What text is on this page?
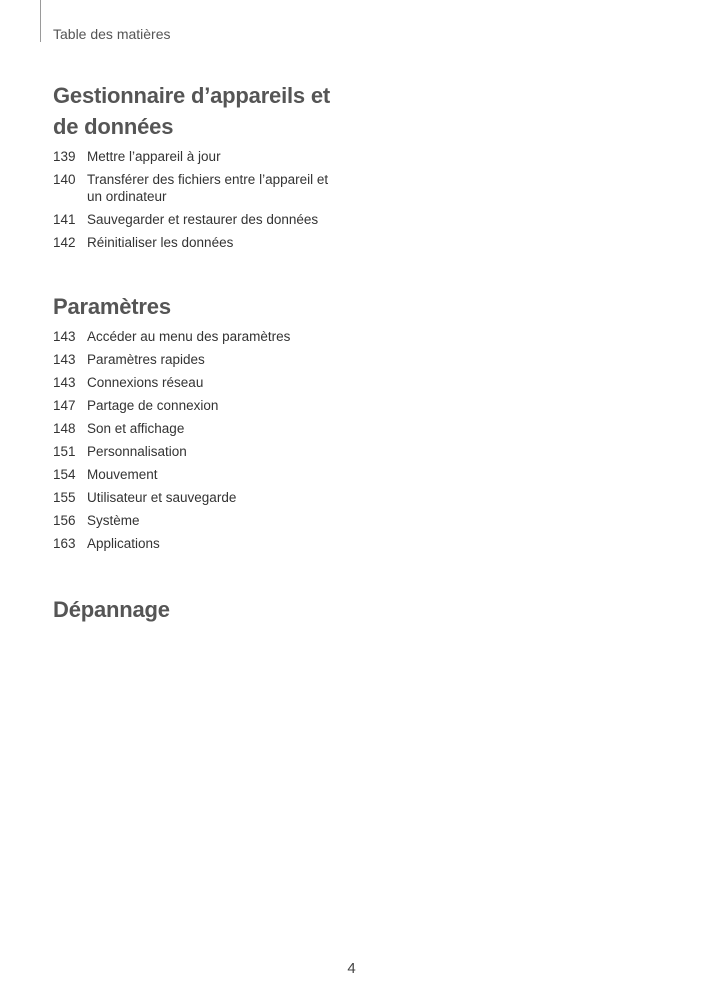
Table des matières
Gestionnaire d’appareils et
de données
139 Mettre l’appareil à jour
140 Transférer des fichiers entre l’appareil et un ordinateur
141 Sauvegarder et restaurer des données
142 Réinitialiser les données
Paramètres
143 Accéder au menu des paramètres
143 Paramètres rapides
143 Connexions réseau
147 Partage de connexion
148 Son et affichage
151 Personnalisation
154 Mouvement
155 Utilisateur et sauvegarde
156 Système
163 Applications
Dépannage
4
